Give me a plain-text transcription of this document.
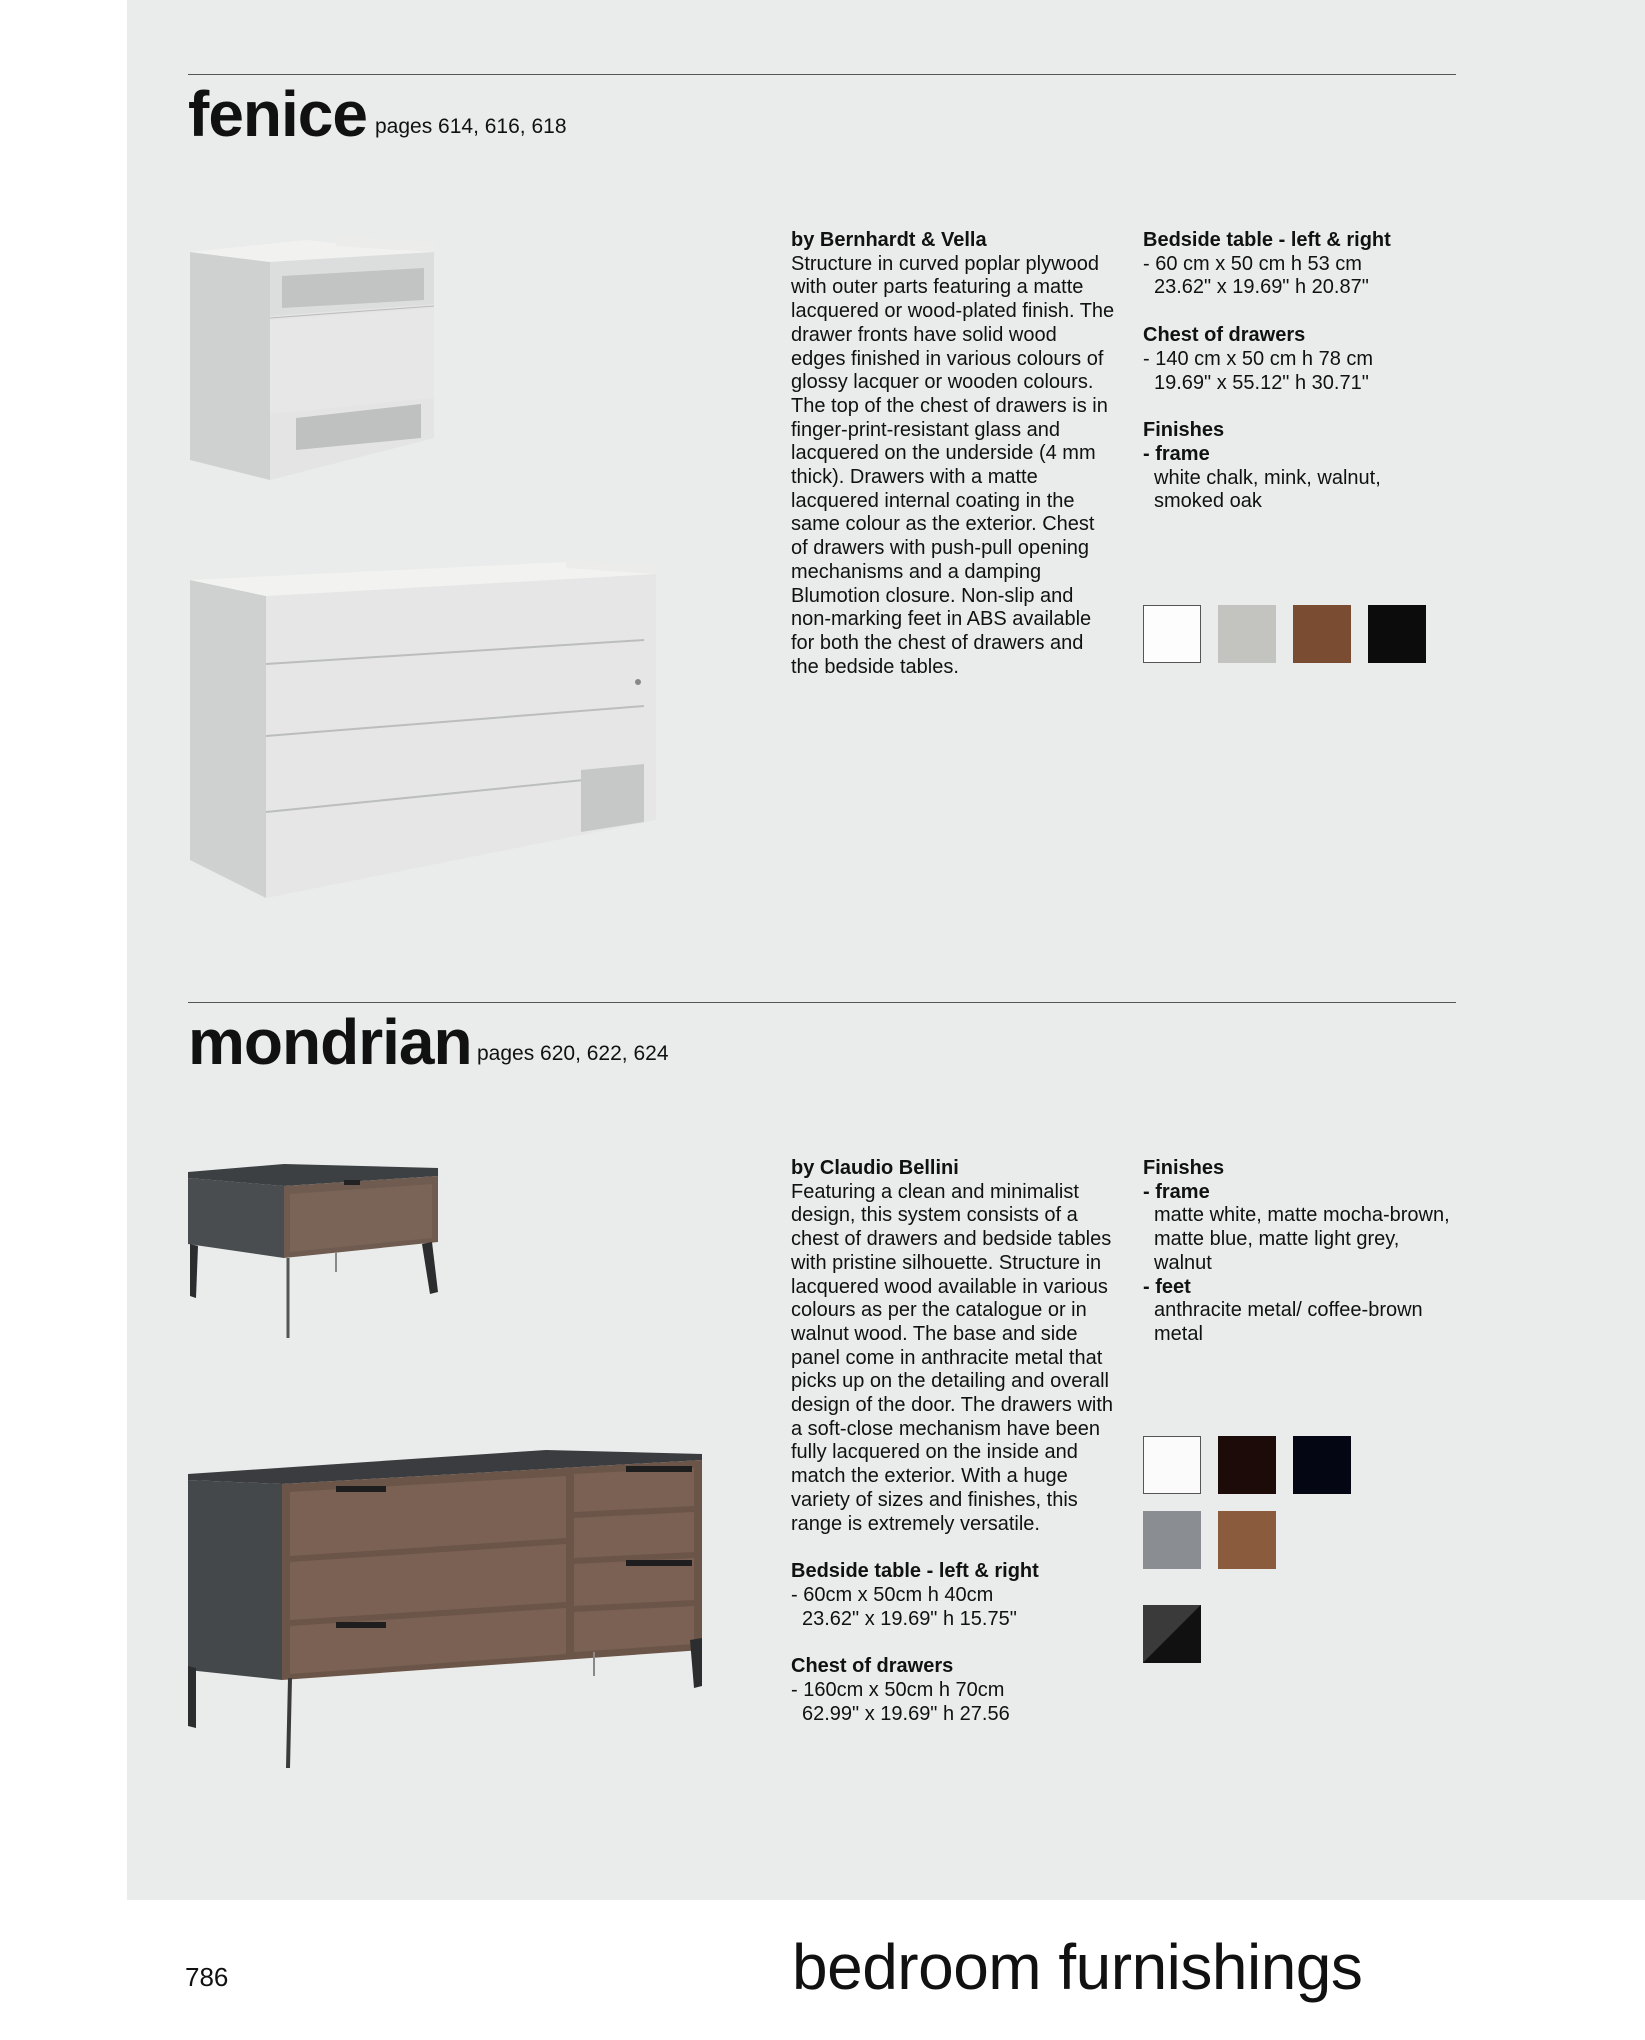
fenice pages 614, 616, 618

by Bernhardt & Vella

Structure in curved poplar plywood with outer parts featuring a matte lacquered or wood-plated finish. The drawer fronts have solid wood edges finished in various colours of glossy lacquer or wooden colours. The top of the chest of drawers is in finger-print-resistant glass and lacquered on the underside (4 mm thick). Drawers with a matte lacquered internal coating in the same colour as the exterior. Chest of drawers with push-pull opening mechanisms and a damping Blumotion closure. Non-slip and non-marking feet in ABS available for both the chest of drawers and the bedside tables.

Bedside table - left & right

- 60 cm x 50 cm h 53 cm

23.62" x 19.69" h 20.87"

Chest of drawers

- 140 cm x 50 cm h 78 cm

19.69" x 55.12" h 30.71"

Finishes

- frame

white chalk, mink, walnut, smoked oak

mondrian pages 620, 622, 624

by Claudio Bellini

Featuring a clean and minimalist design, this system consists of a chest of drawers and bedside tables with pristine silhouette. Structure in lacquered wood available in various colours as per the catalogue or in walnut wood. The base and side panel come in anthracite metal that picks up on the detailing and overall design of the door. The drawers with a soft-close mechanism have been fully lacquered on the inside and match the exterior. With a huge variety of sizes and finishes, this range is extremely versatile.

Bedside table - left & right

- 60cm x 50cm h 40cm

23.62" x 19.69" h 15.75"

Chest of drawers

- 160cm x 50cm h 70cm

62.99" x 19.69" h 27.56

Finishes

- frame

matte white, matte mocha-brown, matte blue, matte light grey, walnut

- feet

anthracite metal/ coffee-brown metal

786	bedroom furnishings
